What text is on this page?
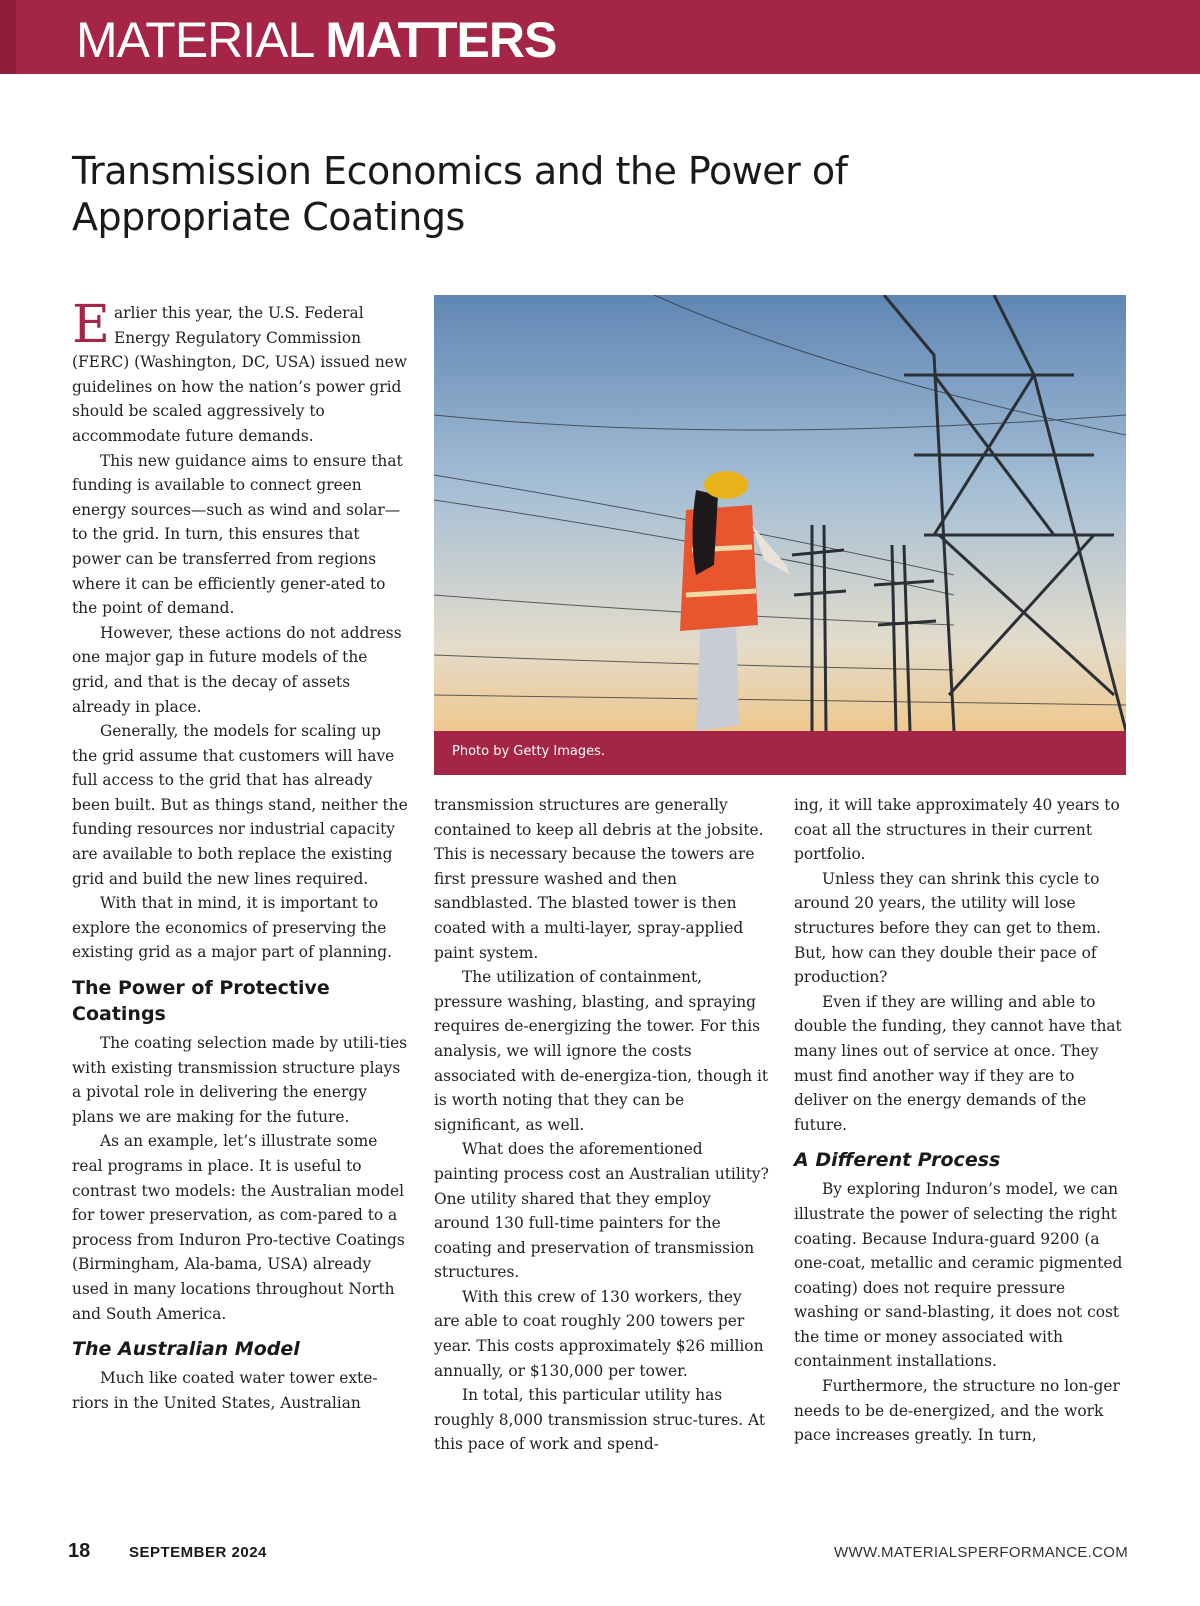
MATERIAL MATTERS
Transmission Economics and the Power of Appropriate Coatings

Earlier this year, the U.S. Federal Energy Regulatory Commission (FERC) (Washington, DC, USA) issued new guidelines on how the nation’s power grid should be scaled aggressively to accommodate future demands.

This new guidance aims to ensure that funding is available to connect green energy sources—such as wind and solar—to the grid. In turn, this ensures that power can be transferred from regions where it can be efficiently gener-ated to the point of demand.

However, these actions do not address one major gap in future models of the grid, and that is the decay of assets already in place.

Generally, the models for scaling up the grid assume that customers will have full access to the grid that has already been built. But as things stand, neither the funding resources nor industrial capacity are available to both replace the existing grid and build the new lines required.

With that in mind, it is important to explore the economics of preserving the existing grid as a major part of planning.

The Power of Protective Coatings

The coating selection made by utili-ties with existing transmission structure plays a pivotal role in delivering the energy plans we are making for the future.

As an example, let’s illustrate some real programs in place. It is useful to contrast two models: the Australian model for tower preservation, as com-pared to a process from Induron Pro-tective Coatings (Birmingham, Ala-bama, USA) already used in many locations throughout North and South America.

The Australian Model

Much like coated water tower exte-riors in the United States, Australian

Photo by Getty Images.

transmission structures are generally contained to keep all debris at the jobsite. This is necessary because the towers are first pressure washed and then sandblasted. The blasted tower is then coated with a multi-layer, spray-applied paint system.

The utilization of containment, pressure washing, blasting, and spraying requires de-energizing the tower. For this analysis, we will ignore the costs associated with de-energiza-tion, though it is worth noting that they can be significant, as well.

What does the aforementioned painting process cost an Australian utility? One utility shared that they employ around 130 full-time painters for the coating and preservation of transmission structures.

With this crew of 130 workers, they are able to coat roughly 200 towers per year. This costs approximately $26 million annually, or $130,000 per tower.

In total, this particular utility has roughly 8,000 transmission struc-tures. At this pace of work and spend-

ing, it will take approximately 40 years to coat all the structures in their current portfolio.

Unless they can shrink this cycle to around 20 years, the utility will lose structures before they can get to them. But, how can they double their pace of production?

Even if they are willing and able to double the funding, they cannot have that many lines out of service at once. They must find another way if they are to deliver on the energy demands of the future.

A Different Process

By exploring Induron’s model, we can illustrate the power of selecting the right coating. Because Indura-guard 9200 (a one-coat, metallic and ceramic pigmented coating) does not require pressure washing or sand-blasting, it does not cost the time or money associated with containment installations.

Furthermore, the structure no lon-ger needs to be de-energized, and the work pace increases greatly. In turn,

18	SEPTEMBER 2024	WWW.MATERIALSPERFORMANCE.COM
